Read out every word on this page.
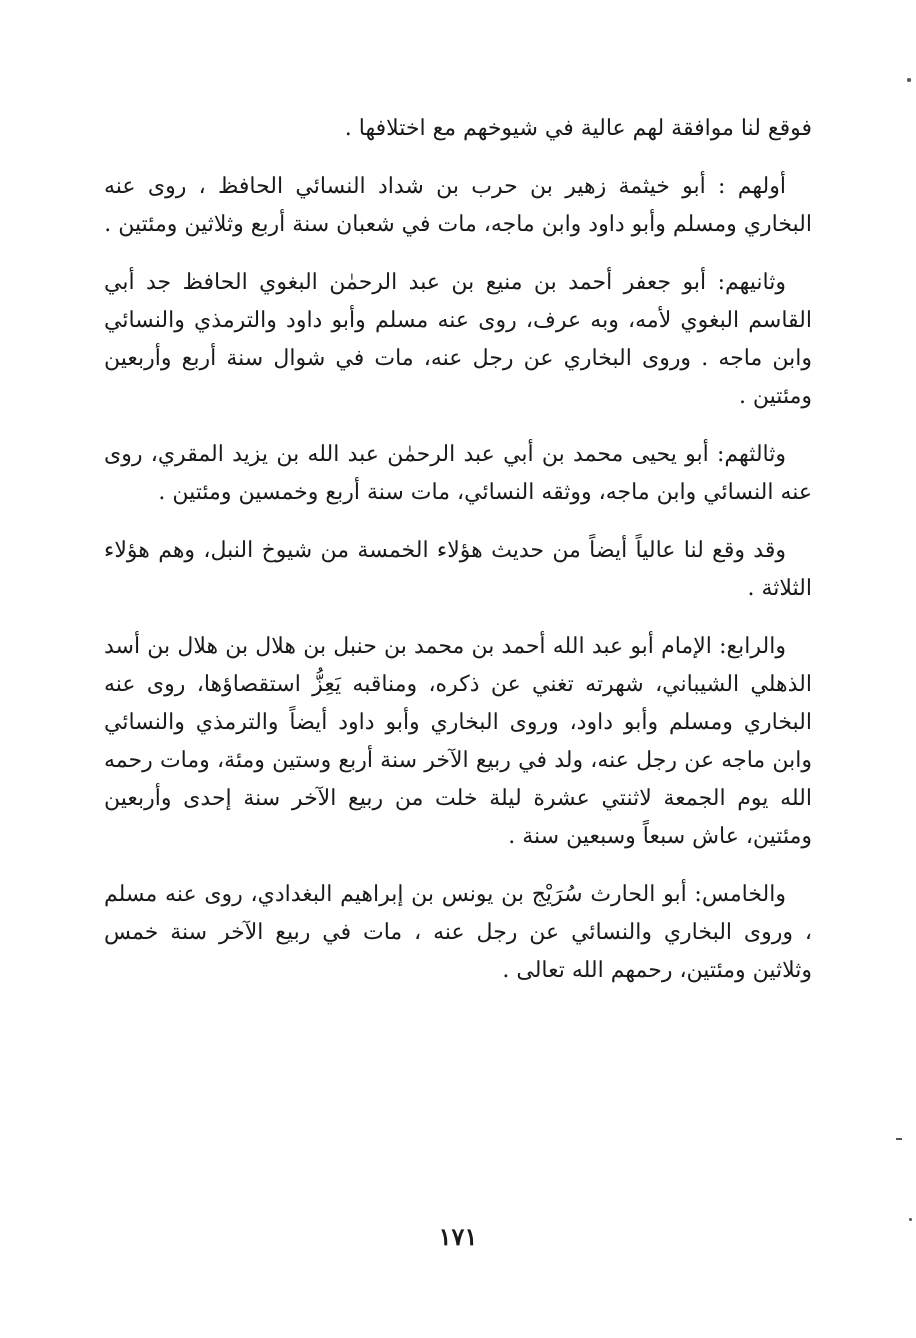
فوقع لنا موافقة لهم عالية في شيوخهم مع اختلافها .

أولهم : أبو خيثمة زهير بن حرب بن شداد النسائي الحافظ ، روى عنه البخاري ومسلم وأبو داود وابن ماجه، مات في شعبان سنة أربع وثلاثين ومئتين .

وثانيهم: أبو جعفر أحمد بن منيع بن عبد الرحمٰن البغوي الحافظ جد أبي القاسم البغوي لأمه، وبه عرف، روى عنه مسلم وأبو داود والترمذي والنسائي وابن ماجه . وروى البخاري عن رجل عنه، مات في شوال سنة أربع وأربعين ومئتين .

وثالثهم: أبو يحيى محمد بن أبي عبد الرحمٰن عبد الله بن يزيد المقري، روى عنه النسائي وابن ماجه، ووثقه النسائي، مات سنة أربع وخمسين ومئتين .

وقد وقع لنا عالياً أيضاً من حديث هؤلاء الخمسة من شيوخ النبل، وهم هؤلاء الثلاثة .

والرابع: الإمام أبو عبد الله أحمد بن محمد بن حنبل بن هلال بن هلال بن أسد الذهلي الشيباني، شهرته تغني عن ذكره، ومناقبه يَعِزُّ استقصاؤها، روى عنه البخاري ومسلم وأبو داود، وروى البخاري وأبو داود أيضاً والترمذي والنسائي وابن ماجه عن رجل عنه، ولد في ربيع الآخر سنة أربع وستين ومئة، ومات رحمه الله يوم الجمعة لاثنتي عشرة ليلة خلت من ربيع الآخر سنة إحدى وأربعين ومئتين، عاش سبعاً وسبعين سنة .

والخامس: أبو الحارث سُرَيْج بن يونس بن إبراهيم البغدادي، روى عنه مسلم ، وروى البخاري والنسائي عن رجل عنه ، مات في ربيع الآخر سنة خمس وثلاثين ومئتين، رحمهم الله تعالى .

١٧١
